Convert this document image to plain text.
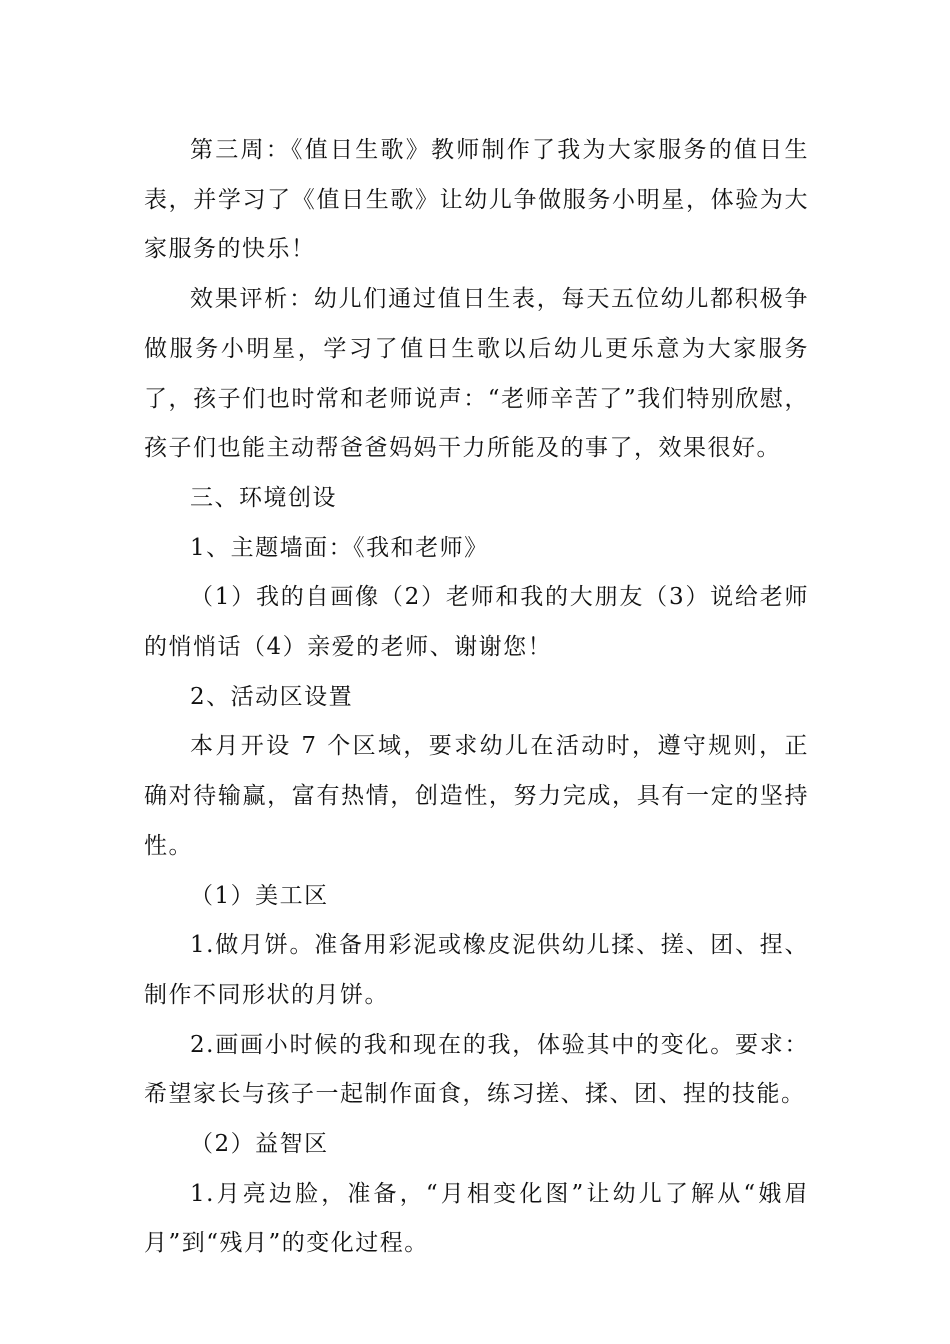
第三周：《值日生歌》教师制作了我为大家服务的值日生表，并学习了《值日生歌》让幼儿争做服务小明星，体验为大家服务的快乐！

效果评析：幼儿们通过值日生表，每天五位幼儿都积极争做服务小明星，学习了值日生歌以后幼儿更乐意为大家服务了，孩子们也时常和老师说声：“老师辛苦了”我们特别欣慰，孩子们也能主动帮爸爸妈妈干力所能及的事了，效果很好。

三、环境创设

1、主题墙面：《我和老师》

（1）我的自画像（2）老师和我的大朋友（3）说给老师的悄悄话（4）亲爱的老师、谢谢您！

2、活动区设置

本月开设 7 个区域，要求幼儿在活动时，遵守规则，正确对待输赢，富有热情，创造性，努力完成，具有一定的坚持性。

（1）美工区

1.做月饼。准备用彩泥或橡皮泥供幼儿揉、搓、团、捏、制作不同形状的月饼。

2.画画小时候的我和现在的我，体验其中的变化。要求：希望家长与孩子一起制作面食，练习搓、揉、团、捏的技能。

（2）益智区

1.月亮边脸，准备，“月相变化图”让幼儿了解从“娥眉月”到“残月”的变化过程。
